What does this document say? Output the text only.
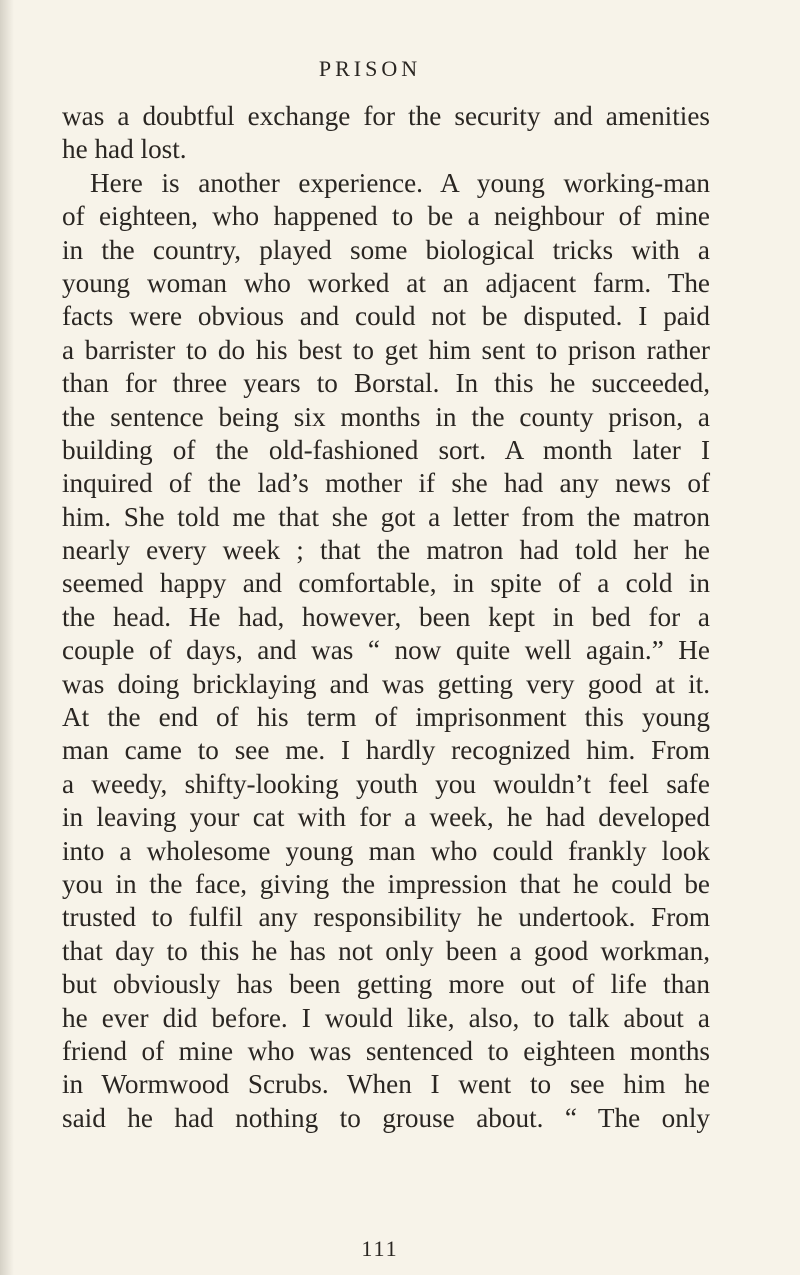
PRISON
was a doubtful exchange for the security and amenities
he had lost.
Here is another experience. A young working-man
of eighteen, who happened to be a neighbour of mine
in the country, played some biological tricks with a
young woman who worked at an adjacent farm. The
facts were obvious and could not be disputed. I paid
a barrister to do his best to get him sent to prison rather
than for three years to Borstal. In this he succeeded,
the sentence being six months in the county prison, a
building of the old-fashioned sort. A month later I
inquired of the lad’s mother if she had any news of
him. She told me that she got a letter from the matron
nearly every week ; that the matron had told her he
seemed happy and comfortable, in spite of a cold in
the head. He had, however, been kept in bed for a
couple of days, and was “ now quite well again.” He
was doing bricklaying and was getting very good at it.
At the end of his term of imprisonment this young
man came to see me. I hardly recognized him. From
a weedy, shifty-looking youth you wouldn’t feel safe
in leaving your cat with for a week, he had developed
into a wholesome young man who could frankly look
you in the face, giving the impression that he could be
trusted to fulfil any responsibility he undertook. From
that day to this he has not only been a good workman,
but obviously has been getting more out of life than
he ever did before. I would like, also, to talk about a
friend of mine who was sentenced to eighteen months
in Wormwood Scrubs. When I went to see him he
said he had nothing to grouse about. “ The only
111
